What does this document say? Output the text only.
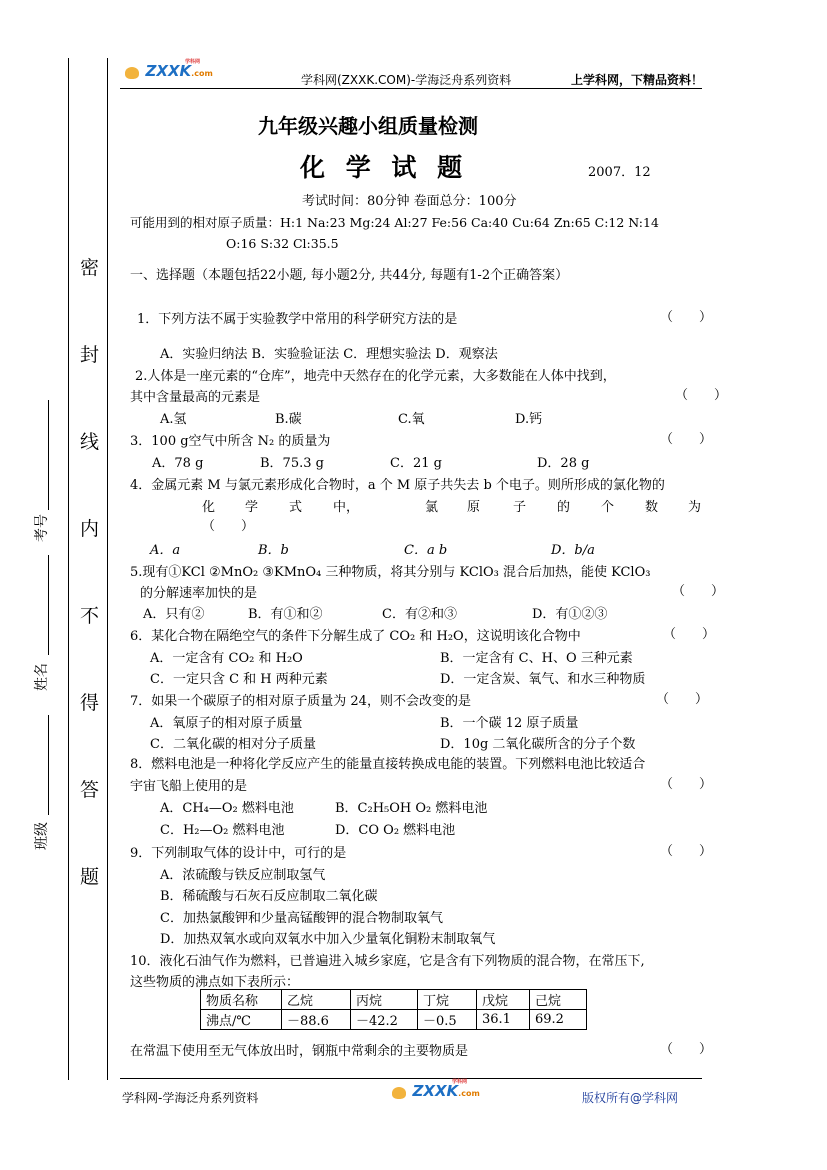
密
封
线
内
不
得
答
题
考号
姓名
班级
ZXXK.com
学科网
学科网(ZXXK.COM)-学海泛舟系列资料	上学科网，下精品资料！
九年级兴趣小组质量检测
化 学 试 题	2007．12
考试时间：80分钟 卷面总分：100分
可能用到的相对原子质量：H:1 Na:23 Mg:24 Al:27 Fe:56 Ca:40 Cu:64 Zn:65 C:12 N:14
O:16 S:32 Cl:35.5
一、选择题（本题包括22小题, 每小题2分, 共44分, 每题有1-2个正确答案）
1．下列方法不属于实验教学中常用的科学研究方法的是	（　　）
A．实验归纳法 B．实验验证法 C．理想实验法 D．观察法
2.人体是一座元素的“仓库”，地壳中天然存在的化学元素，大多数能在人体中找到，
其中含量最高的元素是	（　　）
A.氢	B.碳	C.氧	D.钙
3．100 g空气中所含 N₂ 的质量为	（　　）
A．78 g	B．75.3 g	C．21 g	D．28 g
4．金属元素 M 与氯元素形成化合物时，a 个 M 原子共失去 b 个电子。则所形成的氯化物的
化 学 式 中，	氯 原	子 的 个 数 为
（　　）
A．a	B．b	C．a b	D．b/a
5.现有①KCl ②MnO₂ ③KMnO₄ 三种物质，将其分别与 KClO₃ 混合后加热，能使 KClO₃
的分解速率加快的是	（　　）
A．只有②	B．有①和②	C．有②和③	D．有①②③
6．某化合物在隔绝空气的条件下分解生成了 CO₂ 和 H₂O，这说明该化合物中	（　　）
A．一定含有 CO₂ 和 H₂O	B．一定含有 C、H、O 三种元素
C．一定只含 C 和 H 两种元素	D．一定含炭、氧气、和水三种物质
7．如果一个碳原子的相对原子质量为 24，则不会改变的是	（　　）
A．氧原子的相对原子质量	B．一个碳 12 原子质量
C．二氧化碳的相对分子质量	D．10g 二氧化碳所含的分子个数
8．燃料电池是一种将化学反应产生的能量直接转换成电能的装置。下列燃料电池比较适合
宇宙飞船上使用的是	（　　）
A．CH₄—O₂ 燃料电池	B．C₂H₅OH O₂ 燃料电池
C．H₂—O₂ 燃料电池	D．CO O₂ 燃料电池
9．下列制取气体的设计中，可行的是	（　　）
A．浓硫酸与铁反应制取氢气
B．稀硫酸与石灰石反应制取二氧化碳
C．加热氯酸钾和少量高锰酸钾的混合物制取氧气
D．加热双氧水或向双氧水中加入少量氧化铜粉末制取氧气
10．液化石油气作为燃料，已普遍进入城乡家庭，它是含有下列物质的混合物，在常压下,
这些物质的沸点如下表所示：
物质名称	乙烷	丙烷	丁烷	戊烷	己烷
沸点/℃	－88.6	－42.2	－0.5	36.1	69.2
在常温下使用至无气体放出时，钢瓶中常剩余的主要物质是	（　　）
学科网-学海泛舟系列资料	ZXXK.com
学科网
版权所有@学科网
